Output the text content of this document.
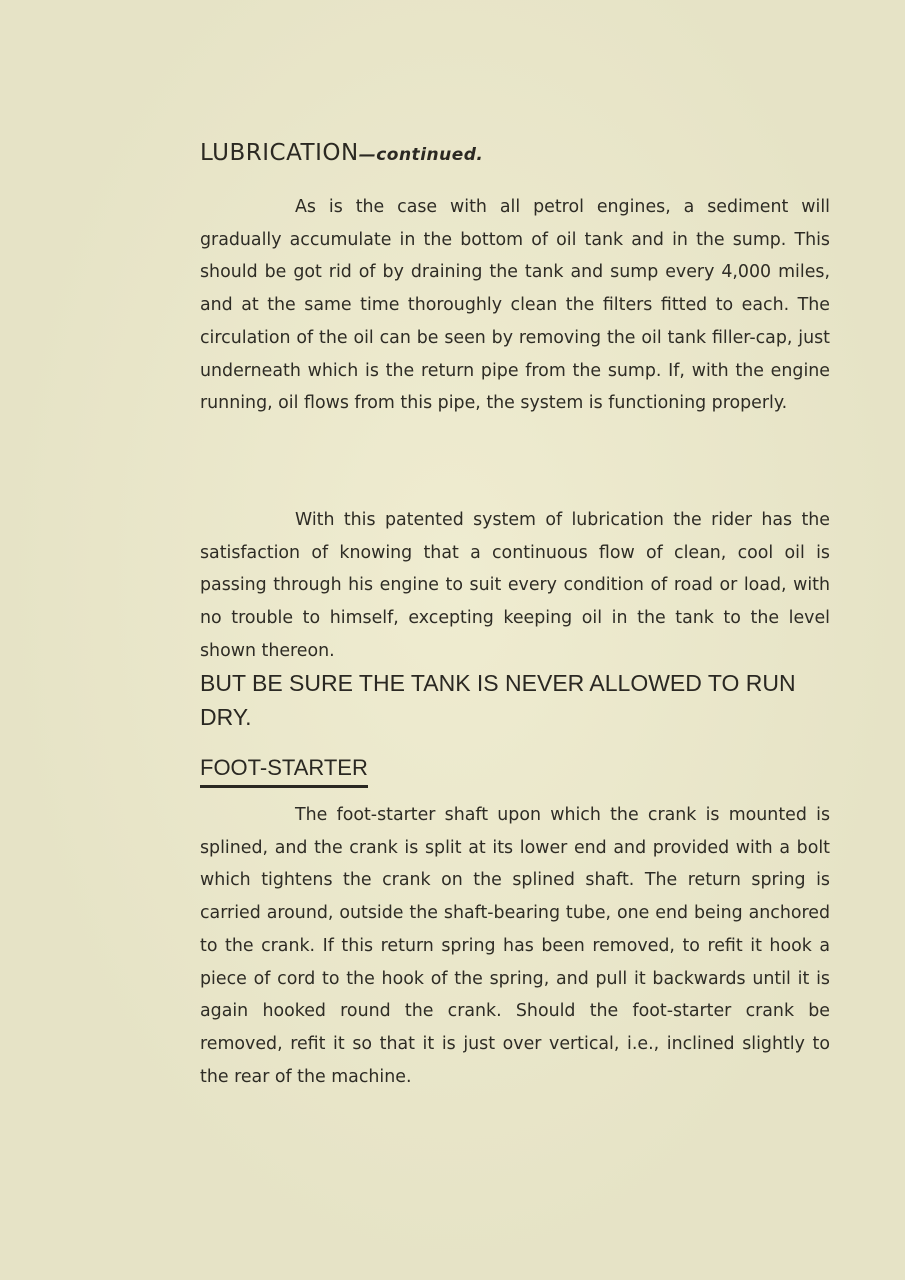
LUBRICATION—continued.

As is the case with all petrol engines, a sediment will gradually accumulate in the bottom of oil tank and in the sump. This should be got rid of by draining the tank and sump every 4,000 miles, and at the same time thoroughly clean the filters fitted to each. The circulation of the oil can be seen by removing the oil tank filler-cap, just underneath which is the return pipe from the sump. If, with the engine running, oil flows from this pipe, the system is functioning properly.

With this patented system of lubrication the rider has the satisfaction of knowing that a continuous flow of clean, cool oil is passing through his engine to suit every condition of road or load, with no trouble to himself, excepting keeping oil in the tank to the level shown thereon.

BUT BE SURE THE TANK IS NEVER ALLOWED TO RUN DRY.

FOOT-STARTER

The foot-starter shaft upon which the crank is mounted is splined, and the crank is split at its lower end and provided with a bolt which tightens the crank on the splined shaft. The return spring is carried around, outside the shaft-bearing tube, one end being anchored to the crank. If this return spring has been removed, to refit it hook a piece of cord to the hook of the spring, and pull it backwards until it is again hooked round the crank. Should the foot-starter crank be removed, refit it so that it is just over vertical, i.e., inclined slightly to the rear of the machine.
